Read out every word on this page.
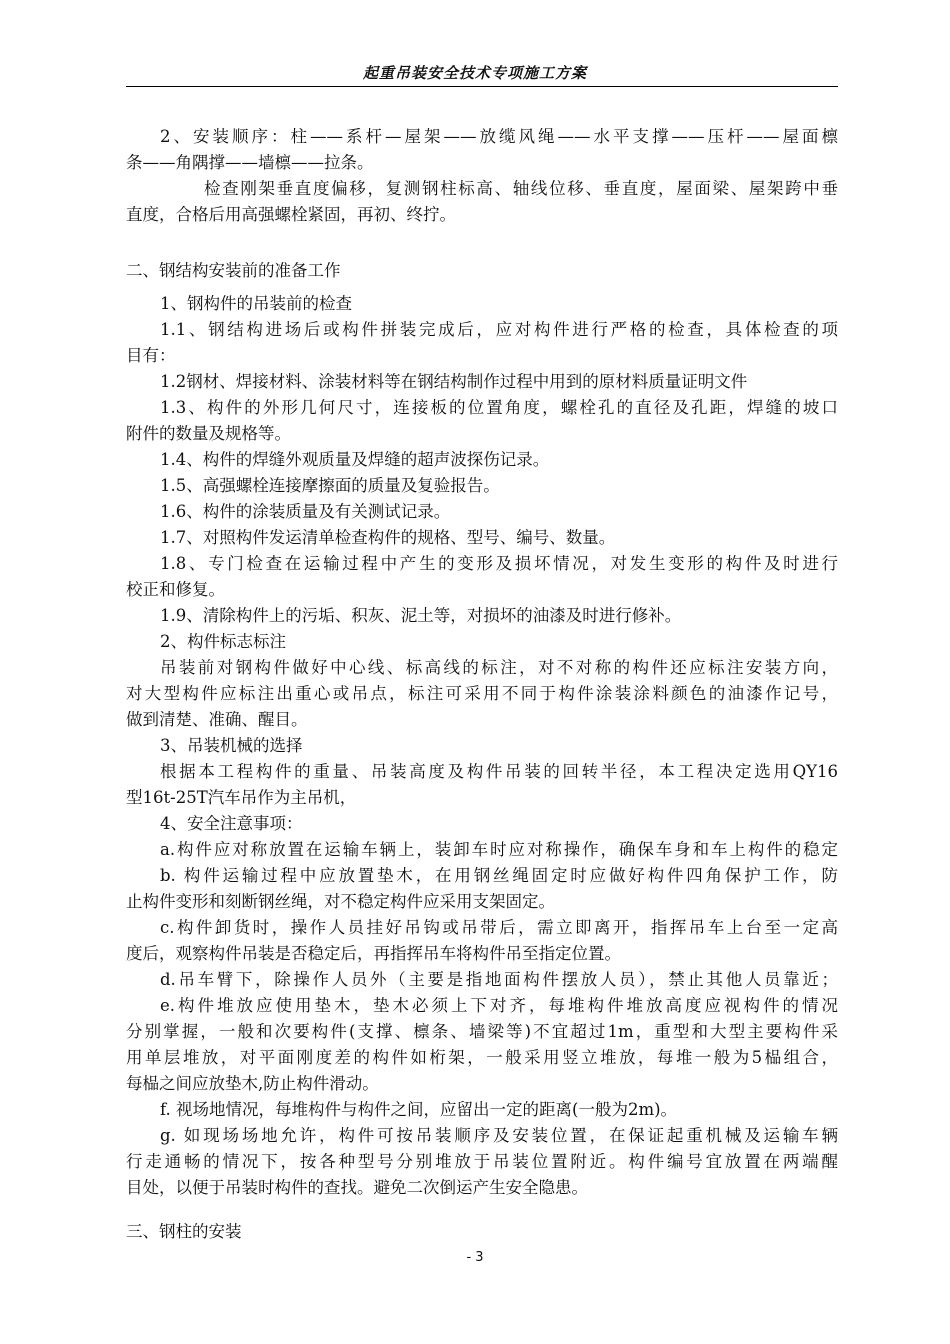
起重吊装安全技术专项施工方案
2、安装顺序：柱——系杆—屋架——放缆风绳——水平支撑——压杆——屋面檩
条——角隅撑——墙檩——拉条。
检查刚架垂直度偏移，复测钢柱标高、轴线位移、垂直度，屋面梁、屋架跨中垂
直度，合格后用高强螺栓紧固，再初、终拧。
二、钢结构安装前的准备工作
1、钢构件的吊装前的检查
1.1、钢结构进场后或构件拼装完成后，应对构件进行严格的检查，具体检查的项
目有：
1.2钢材、焊接材料、涂装材料等在钢结构制作过程中用到的原材料质量证明文件
1.3、构件的外形几何尺寸，连接板的位置角度，螺栓孔的直径及孔距，焊缝的坡口
附件的数量及规格等。
1.4、构件的焊缝外观质量及焊缝的超声波探伤记录。
1.5、高强螺栓连接摩擦面的质量及复验报告。
1.6、构件的涂装质量及有关测试记录。
1.7、对照构件发运清单检查构件的规格、型号、编号、数量。
1.8、专门检查在运输过程中产生的变形及损坏情况，对发生变形的构件及时进行
校正和修复。
1.9、清除构件上的污垢、积灰、泥土等，对损坏的油漆及时进行修补。
2、构件标志标注
吊装前对钢构件做好中心线、标高线的标注，对不对称的构件还应标注安装方向，
对大型构件应标注出重心或吊点，标注可采用不同于构件涂装涂料颜色的油漆作记号，
做到清楚、准确、醒目。
3、吊装机械的选择
根据本工程构件的重量、吊装高度及构件吊装的回转半径，本工程决定选用QY16
型16t-25T汽车吊作为主吊机，
4、安全注意事项：
a.构件应对称放置在运输车辆上，装卸车时应对称操作，确保车身和车上构件的稳定
b. 构件运输过程中应放置垫木，在用钢丝绳固定时应做好构件四角保护工作，防
止构件变形和刻断钢丝绳，对不稳定构件应采用支架固定。
c.构件卸货时，操作人员挂好吊钩或吊带后，需立即离开，指挥吊车上台至一定高
度后，观察构件吊装是否稳定后，再指挥吊车将构件吊至指定位置。
d.吊车臂下，除操作人员外（主要是指地面构件摆放人员），禁止其他人员靠近；
e.构件堆放应使用垫木，垫木必须上下对齐，每堆构件堆放高度应视构件的情况
分别掌握，一般和次要构件(支撑、檩条、墙梁等)不宜超过1m，重型和大型主要构件采
用单层堆放，对平面刚度差的构件如桁架，一般采用竖立堆放，每堆一般为5榀组合，
每榀之间应放垫木,防止构件滑动。
f. 视场地情况，每堆构件与构件之间，应留出一定的距离(一般为2m)。
g. 如现场场地允许，构件可按吊装顺序及安装位置，在保证起重机械及运输车辆
行走通畅的情况下，按各种型号分别堆放于吊装位置附近。构件编号宜放置在两端醒
目处，以便于吊装时构件的查找。避免二次倒运产生安全隐患。
三、钢柱的安装
- 3
